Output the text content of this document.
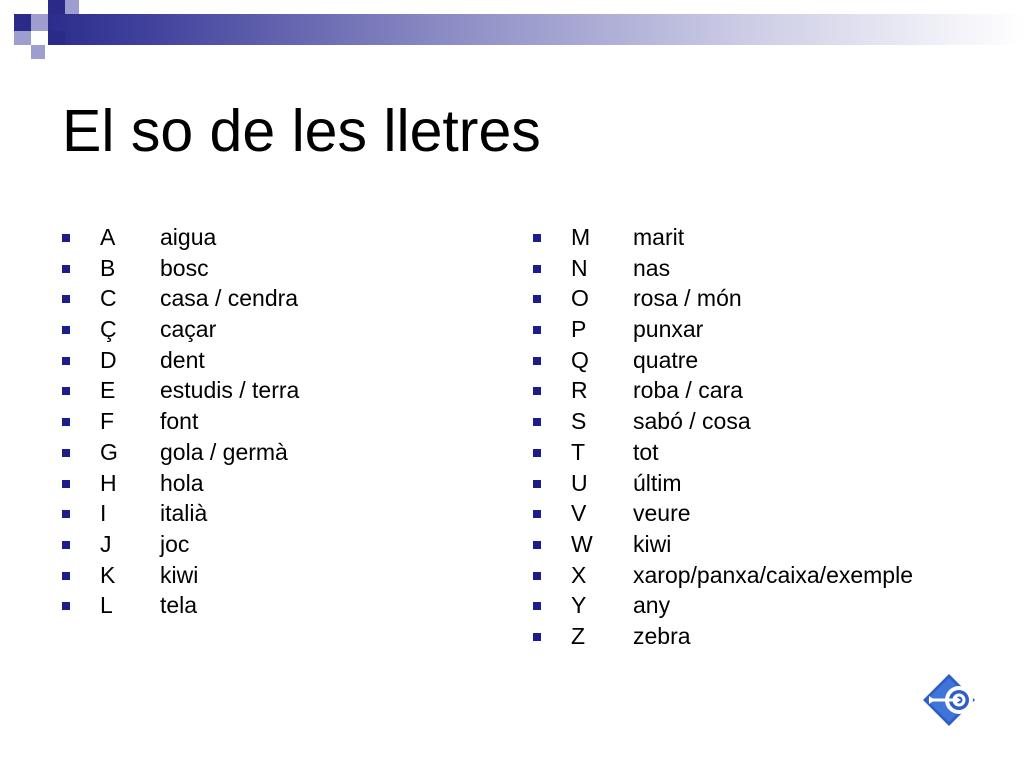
El so de les lletres
A aigua
B bosc
C casa / cendra
Ç caçar
D dent
E estudis / terra
F font
G gola / germà
H hola
I italià
J joc
K kiwi
L tela
M marit
N nas
O rosa / món
P punxar
Q quatre
R roba / cara
S sabó / cosa
T tot
U últim
V veure
W kiwi
X xarop/panxa/caixa/exemple
Y any
Z zebra
